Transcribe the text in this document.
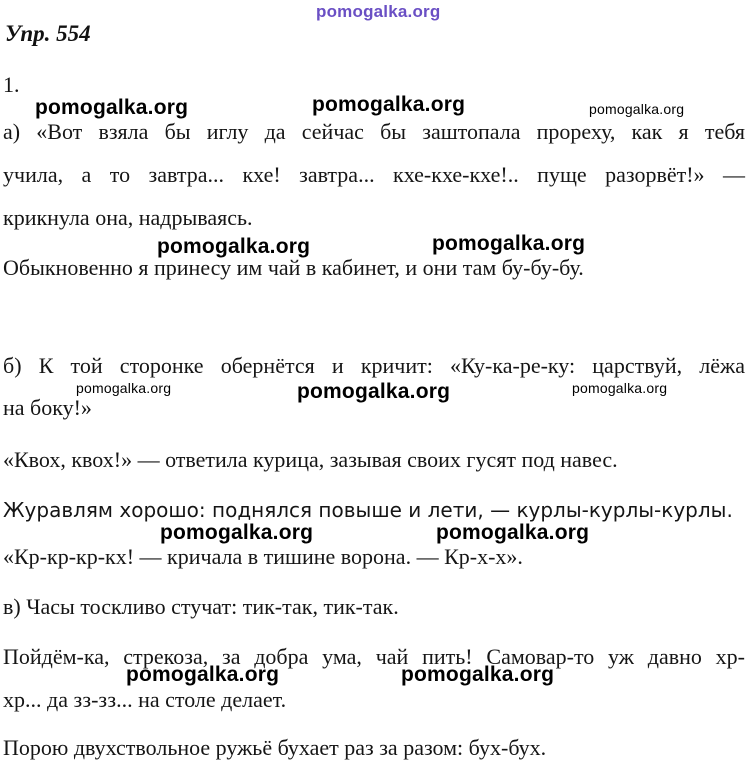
pomogalka.org
Упр. 554
1.
pomogalka.org	pomogalka.org	pomogalka.org
а) «Вот взяла бы иглу да сейчас бы заштопала прореху, как я тебя
учила, а то завтра... кхе! завтра... кхе-кхе-кхе!.. пуще разорвёт!» —
крикнула она, надрываясь.
pomogalka.org	pomogalka.org
Обыкновенно я принесу им чай в кабинет, и они там бу-бу-бу.
б) К той сторонке обернётся и кричит: «Ку-ка-ре-ку: царствуй, лёжа
pomogalka.org	pomogalka.org	pomogalka.org
на боку!»
«Квох, квох!» — ответила курица, зазывая своих гусят под навес.
Журавлям хорошо: поднялся повыше и лети, — курлы-курлы-курлы.
pomogalka.org	pomogalka.org
«Кр-кр-кр-кх! — кричала в тишине ворона. — Кр-х-х».
в) Часы тоскливо стучат: тик-так, тик-так.
Пойдём-ка, стрекоза, за добра ума, чай пить! Самовар-то уж давно хр-
pomogalka.org	pomogalka.org
хр... да зз-зз... на столе делает.
Порою двухствольное ружьё бухает раз за разом: бух-бух.
